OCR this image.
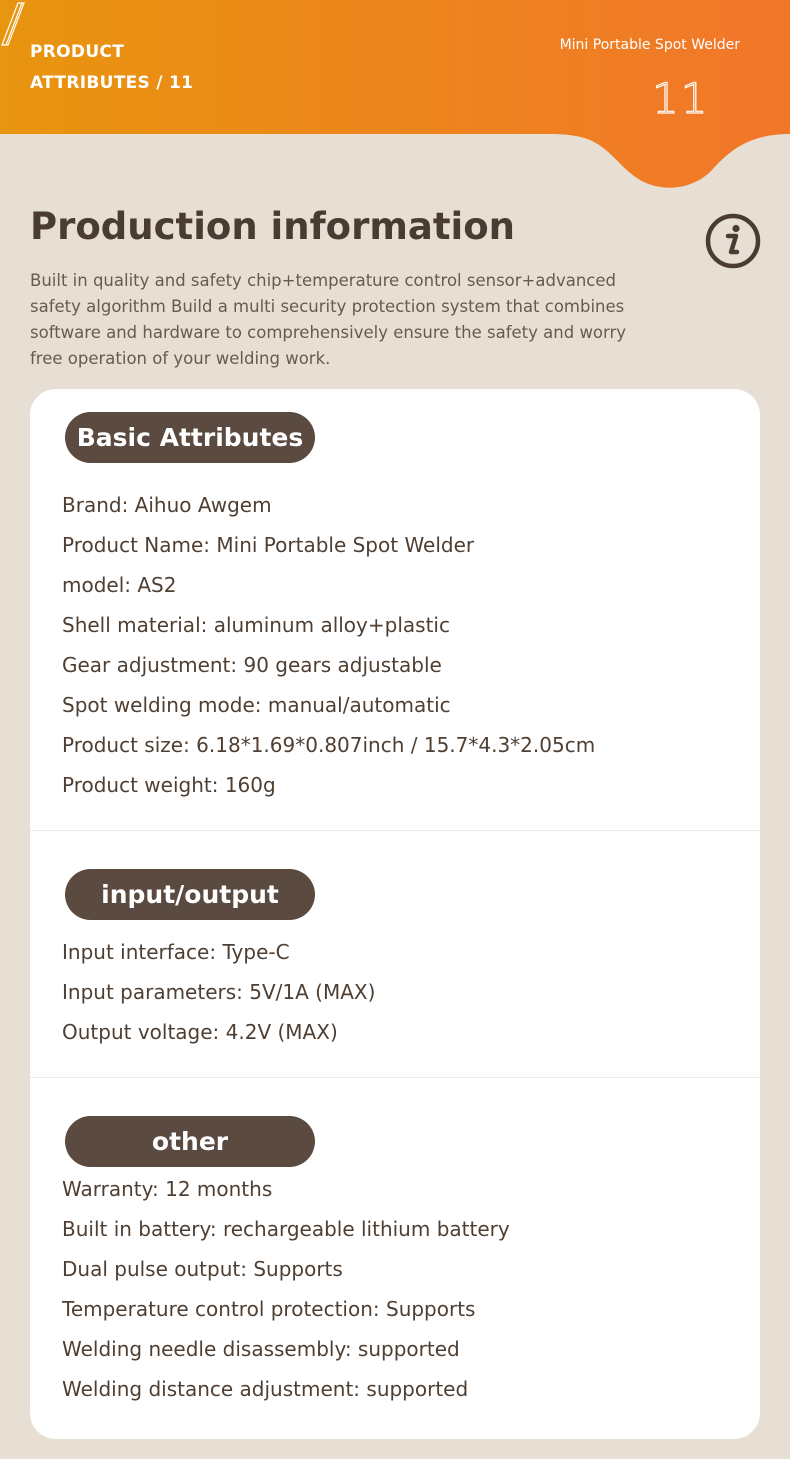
PRODUCT
ATTRIBUTES / 11
Mini Portable Spot Welder
11
Production information

Built in quality and safety chip+temperature control sensor+advanced safety algorithm Build a multi security protection system that combines software and hardware to comprehensively ensure the safety and worry free operation of your welding work.

Basic Attributes
Brand: Aihuo Awgem
Product Name: Mini Portable Spot Welder
model: AS2
Shell material: aluminum alloy+plastic
Gear adjustment: 90 gears adjustable
Spot welding mode: manual/automatic
Product size: 6.18*1.69*0.807inch / 15.7*4.3*2.05cm
Product weight: 160g
input/output
Input interface: Type-C
Input parameters: 5V/1A (MAX)
Output voltage: 4.2V (MAX)
other
Warranty: 12 months
Built in battery: rechargeable lithium battery
Dual pulse output: Supports
Temperature control protection: Supports
Welding needle disassembly: supported
Welding distance adjustment: supported
